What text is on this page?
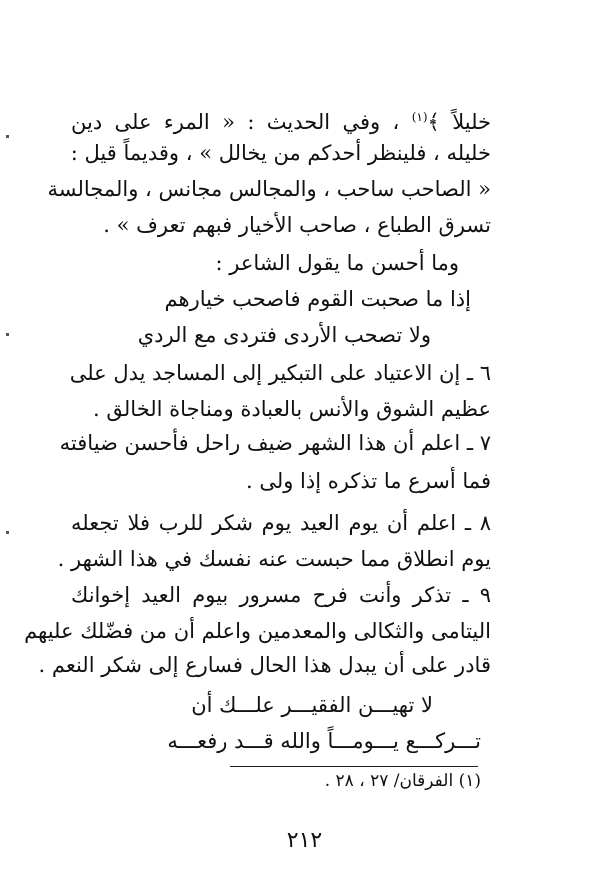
خليلاً ﴾$^{(١)}$ ، وفي الحديث : « المرء على دين
خليله ، فلينظر أحدكم من يخالل » ، وقديماً قيل :
« الصاحب ساحب ، والمجالس مجانس ، والمجالسة
تسرق الطباع ، صاحب الأخيار فبهم تعرف » .
وما أحسن ما يقول الشاعر :
إذا ما صحبت القوم فاصحب خيارهم
ولا تصحب الأردى فتردى مع الردي
٦ ـ إن الاعتياد على التبكير إلى المساجد يدل على
عظيم الشوق والأنس بالعبادة ومناجاة الخالق .
٧ ـ اعلم أن هذا الشهر ضيف راحل فأحسن ضيافته
فما أسرع ما تذكره إذا ولى .
٨ ـ اعلم أن يوم العيد يوم شكر للرب فلا تجعله
يوم انطلاق مما حبست عنه نفسك في هذا الشهر .
٩ ـ تذكر وأنت فرح مسرور بيوم العيد إخوانك
اليتامى والثكالى والمعدمين واعلم أن من فضّلك عليهم
قادر على أن يبدل هذا الحال فسارع إلى شكر النعم .
لا تهيـــن الفقيـــر علـــك أن
تـــركـــع يـــومـــاً والله قـــد رفعـــه
(١) الفرقان/ ٢٧ ، ٢٨ .
٢١٢
